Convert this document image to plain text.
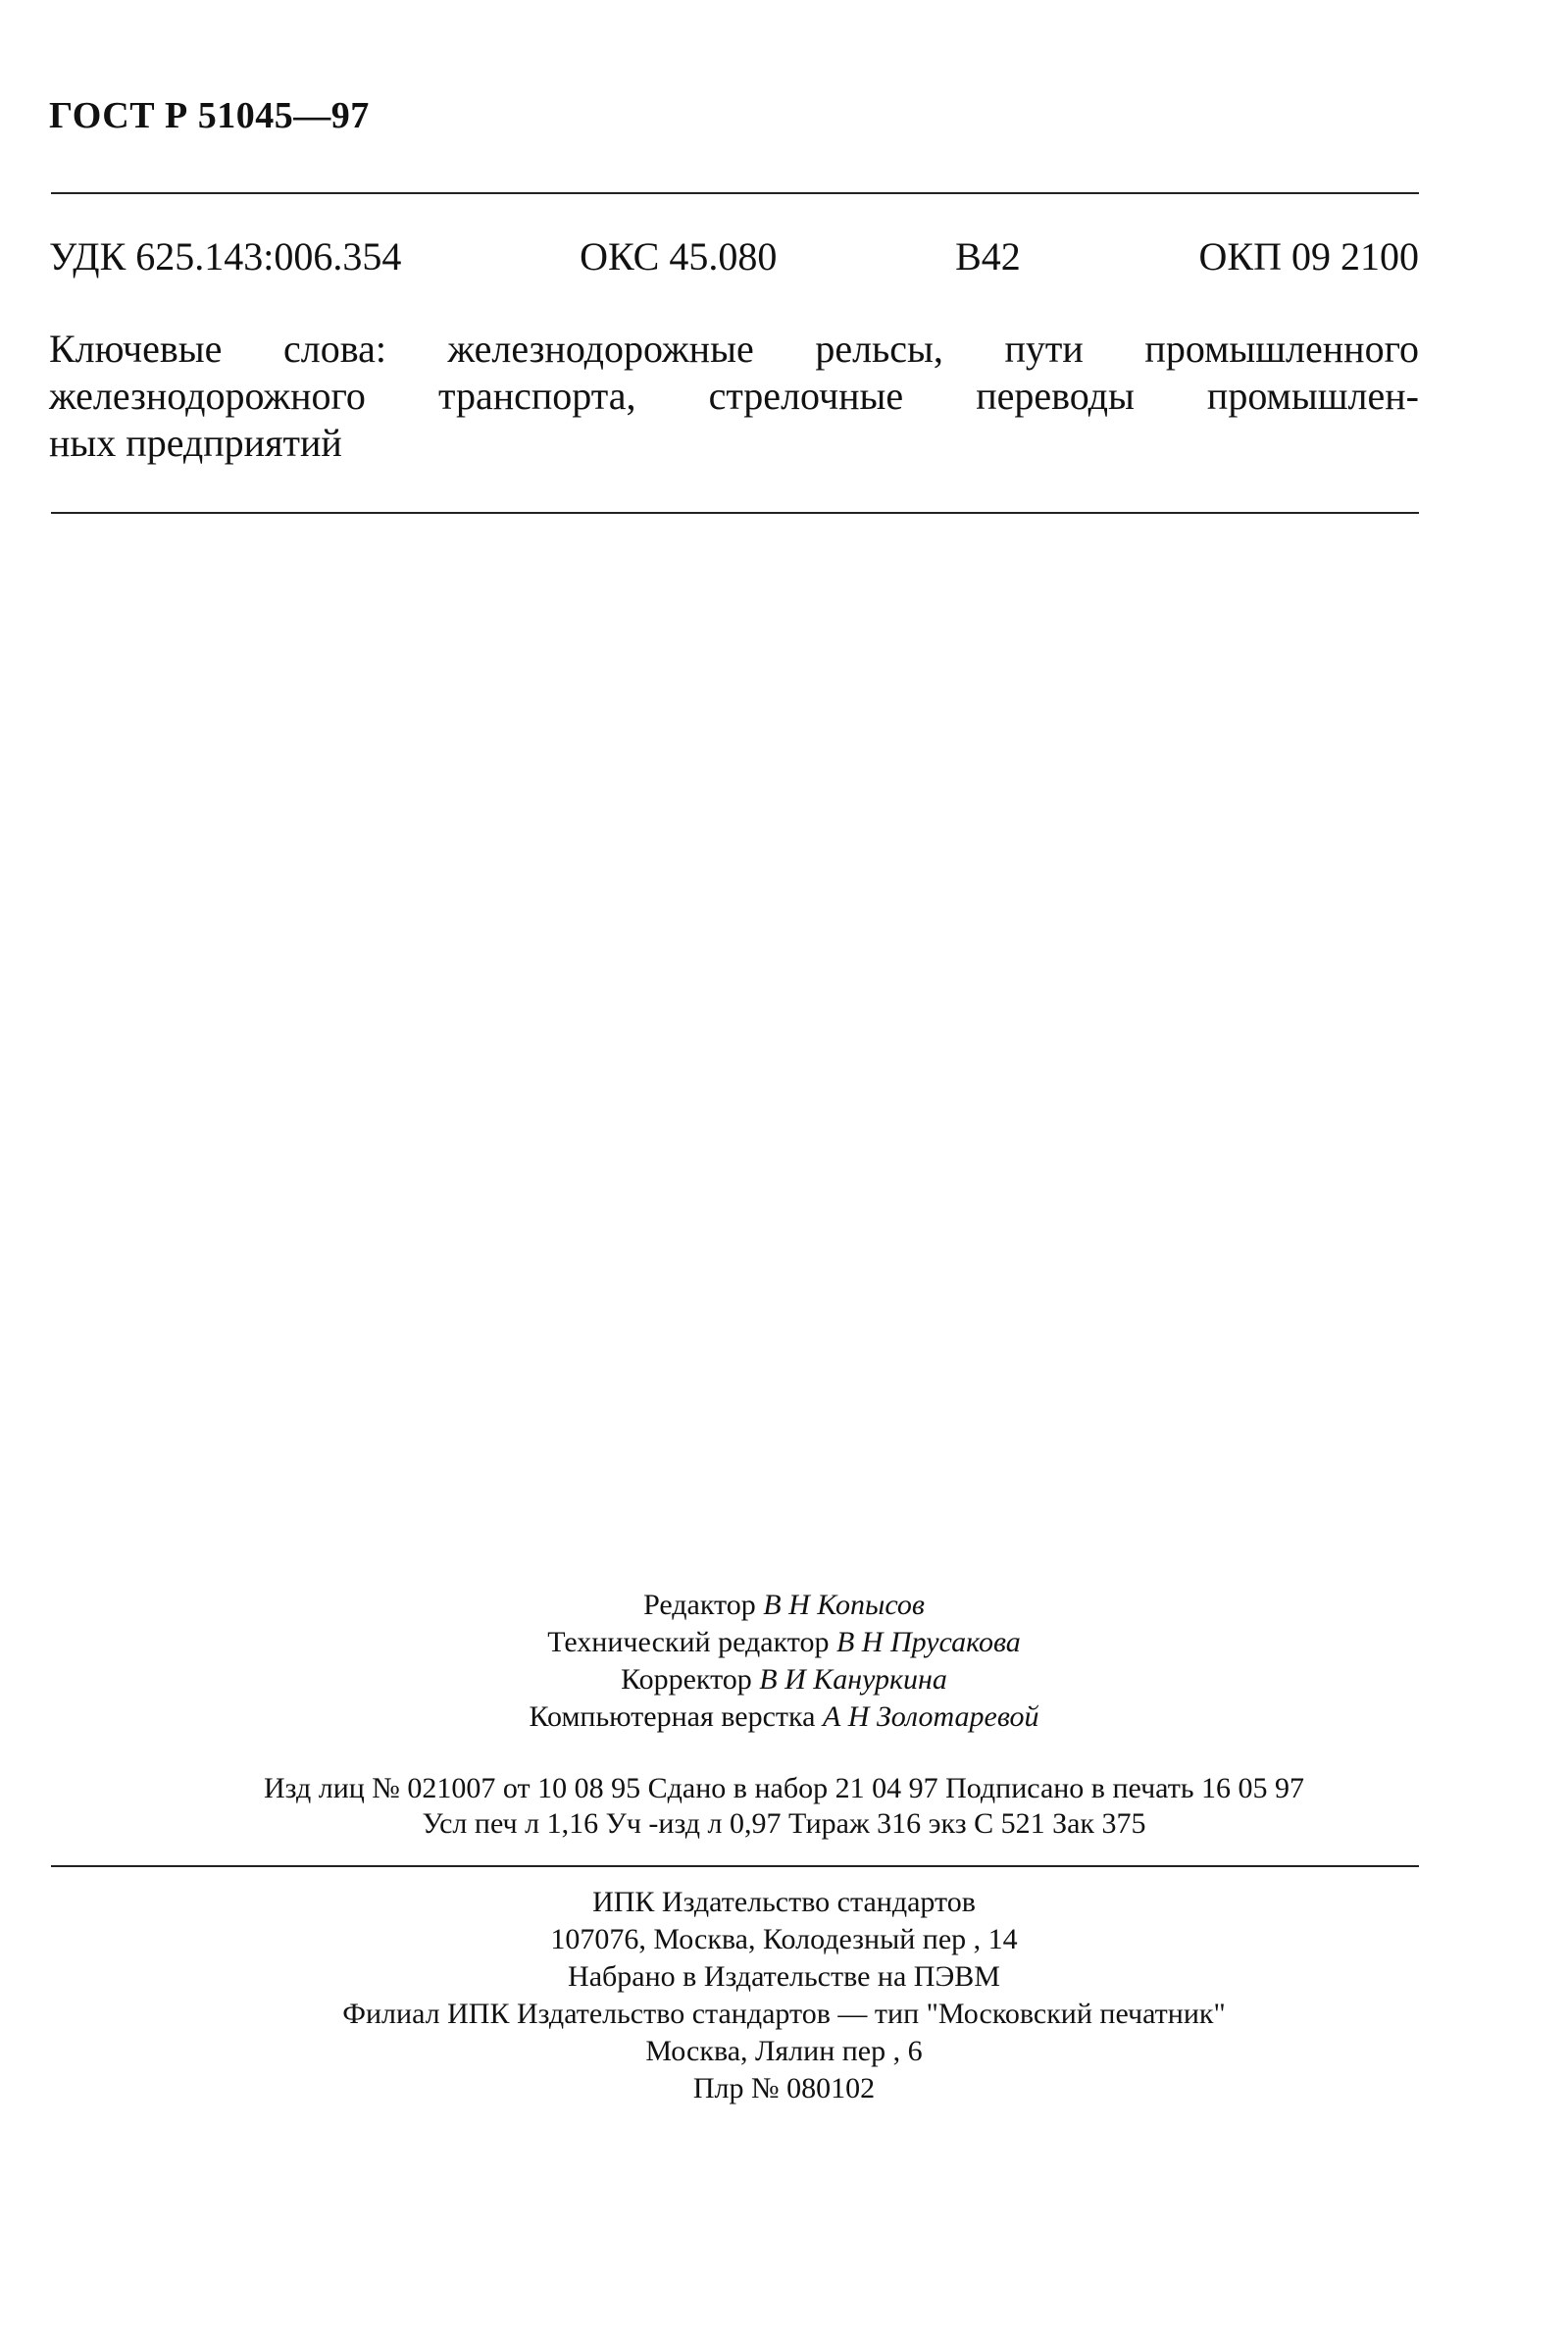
ГОСТ Р 51045—97
УДК 625.143:006.354	ОКС 45.080	В42	ОКП 09 2100
Ключевые слова: железнодорожные рельсы, пути промышленного
железнодорожного транспорта, стрелочные переводы промышлен-
ных предприятий
Редактор В Н Копысов
Технический редактор В Н Прусакова
Корректор В И Кануркина
Компьютерная верстка А Н Золотаревой
Изд лиц № 021007 от 10 08 95 Сдано в набор 21 04 97 Подписано в печать 16 05 97
Усл печ л 1,16 Уч -изд л 0,97 Тираж 316 экз С 521 Зак 375
ИПК Издательство стандартов
107076, Москва, Колодезный пер , 14
Набрано в Издательстве на ПЭВМ
Филиал ИПК Издательство стандартов — тип "Московский печатник"
Москва, Лялин пер , 6
Плр № 080102
